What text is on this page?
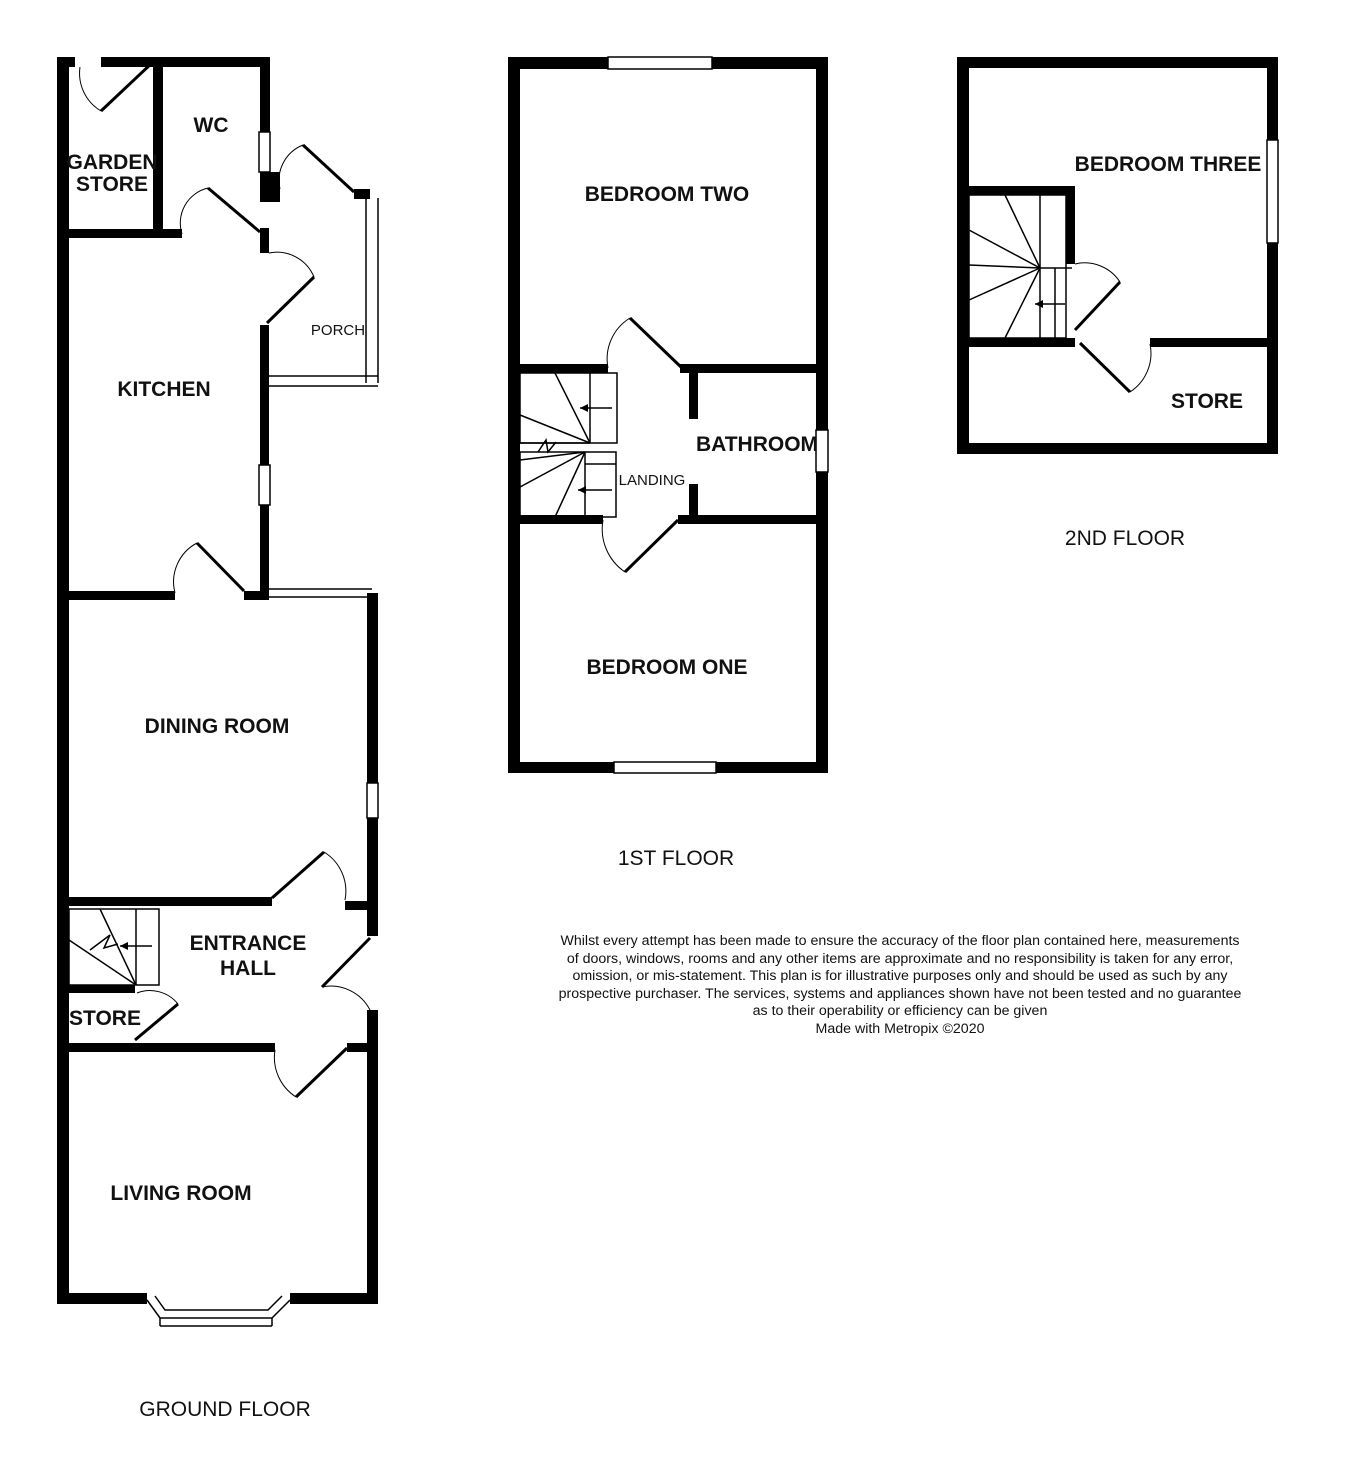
GARDEN
STORE
WC
PORCH
KITCHEN
DINING ROOM
ENTRANCE
HALL
STORE
LIVING ROOM
GROUND FLOOR
BEDROOM TWO
LANDING
BATHROOM
BEDROOM ONE
1ST FLOOR
BEDROOM THREE
STORE
2ND FLOOR
Whilst every attempt has been made to ensure the accuracy of the floor plan contained here, measurements
of doors, windows, rooms and any other items are approximate and no responsibility is taken for any error,
omission, or mis-statement. This plan is for illustrative purposes only and should be used as such by any
prospective purchaser. The services, systems and appliances shown have not been tested and no guarantee
as to their operability or efficiency can be given
Made with Metropix ©2020
